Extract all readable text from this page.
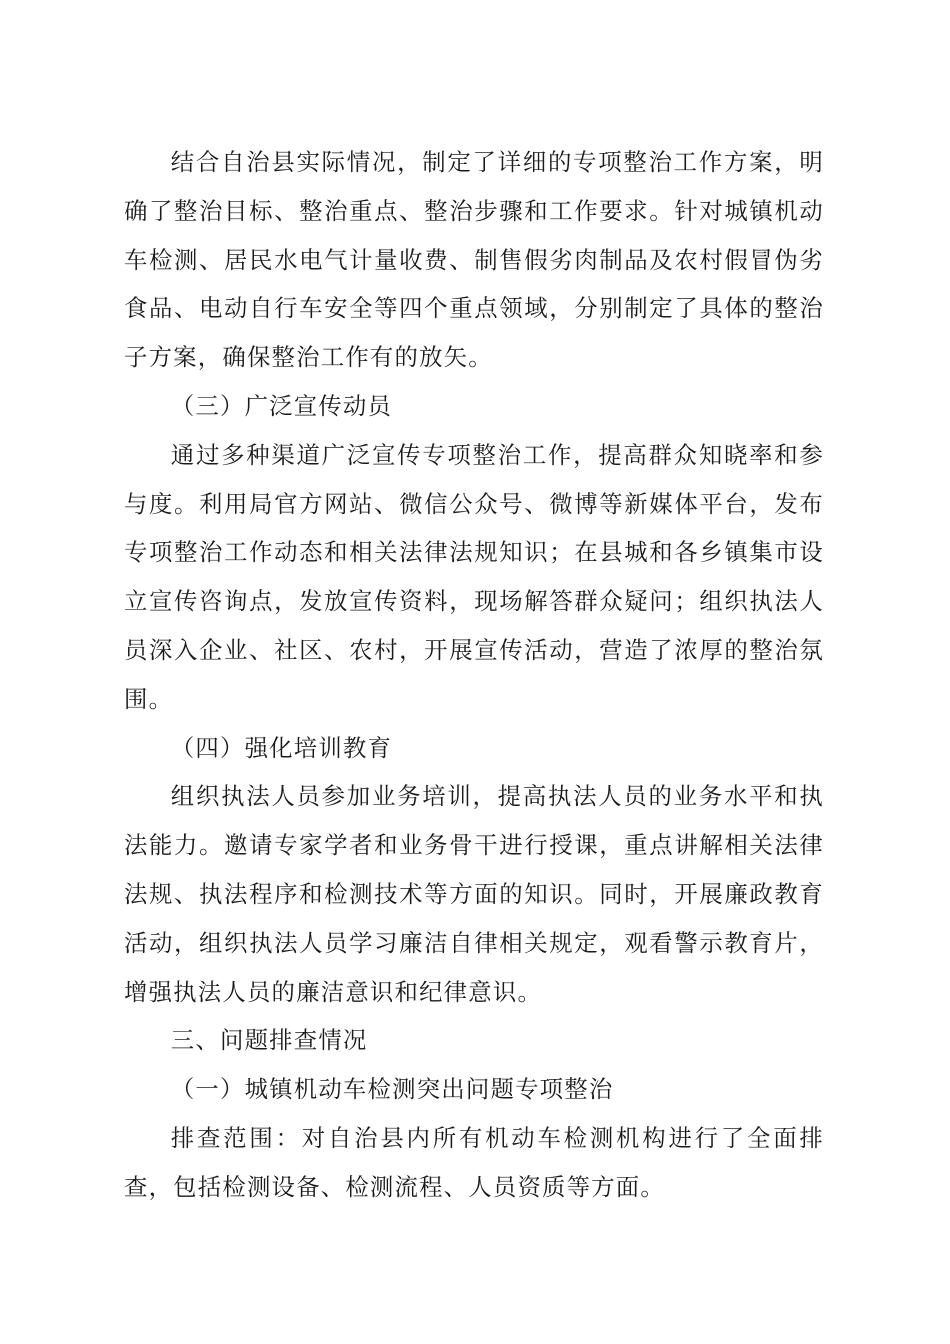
结合自治县实际情况，制定了详细的专项整治工作方案，明确了整治目标、整治重点、整治步骤和工作要求。针对城镇机动车检测、居民水电气计量收费、制售假劣肉制品及农村假冒伪劣食品、电动自行车安全等四个重点领域，分别制定了具体的整治子方案，确保整治工作有的放矢。

（三）广泛宣传动员

通过多种渠道广泛宣传专项整治工作，提高群众知晓率和参与度。利用局官方网站、微信公众号、微博等新媒体平台，发布专项整治工作动态和相关法律法规知识；在县城和各乡镇集市设立宣传咨询点，发放宣传资料，现场解答群众疑问；组织执法人员深入企业、社区、农村，开展宣传活动，营造了浓厚的整治氛围。

（四）强化培训教育

组织执法人员参加业务培训，提高执法人员的业务水平和执法能力。邀请专家学者和业务骨干进行授课，重点讲解相关法律法规、执法程序和检测技术等方面的知识。同时，开展廉政教育活动，组织执法人员学习廉洁自律相关规定，观看警示教育片，增强执法人员的廉洁意识和纪律意识。

三、问题排查情况

（一）城镇机动车检测突出问题专项整治

排查范围：对自治县内所有机动车检测机构进行了全面排查，包括检测设备、检测流程、人员资质等方面。
